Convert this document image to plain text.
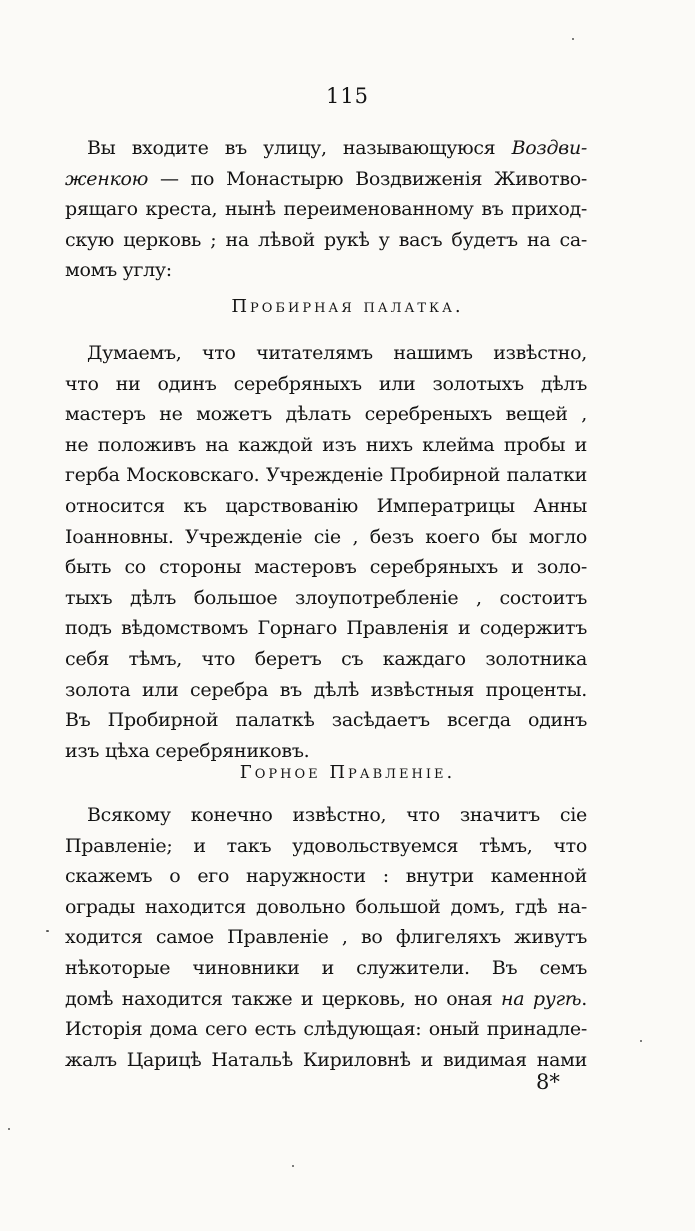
115
Вы входите въ улицу, называющуюся Воздви-
женкою — по Монастырю Воздвиженія Животво-
рящаго креста, нынѣ переименованному въ приход-
скую церковь ; на лѣвой рукѣ у васъ будетъ на са-
момъ углу:
Пробирная палатка.
Думаемъ, что читателямъ нашимъ извѣстно,
что ни одинъ серебряныхъ или золотыхъ дѣлъ
мастеръ не можетъ дѣлать серебреныхъ вещей ,
не положивъ на каждой изъ нихъ клейма пробы и
герба Московскаго. Учрежденіе Пробирной палатки
относится къ царствованію Императрицы Анны
Іоанновны. Учрежденіе сіе , безъ коего бы могло
быть со стороны мастеровъ серебряныхъ и золо-
тыхъ дѣлъ большое злоупотребленіе , состоитъ
подъ вѣдомствомъ Горнаго Правленія и содержитъ
себя тѣмъ, что беретъ съ каждаго золотника
золота или серебра въ дѣлѣ извѣстныя проценты.
Въ Пробирной палаткѣ засѣдаетъ всегда одинъ
изъ цѣха серебряниковъ.
Горное Правленіе.
Всякому конечно извѣстно, что значитъ сіе
Правленіе; и такъ удовольствуемся тѣмъ, что
скажемъ о его наружности : внутри каменной
ограды находится довольно большой домъ, гдѣ на-
ходится самое Правленіе , во флигеляхъ живутъ
нѣкоторые чиновники и служители. Въ семъ
домѣ находится также и церковь, но оная на ругѣ.
Исторія дома сего есть слѣдующая: оный принадле-
жалъ Царицѣ Натальѣ Кириловнѣ и видимая нами
8*
